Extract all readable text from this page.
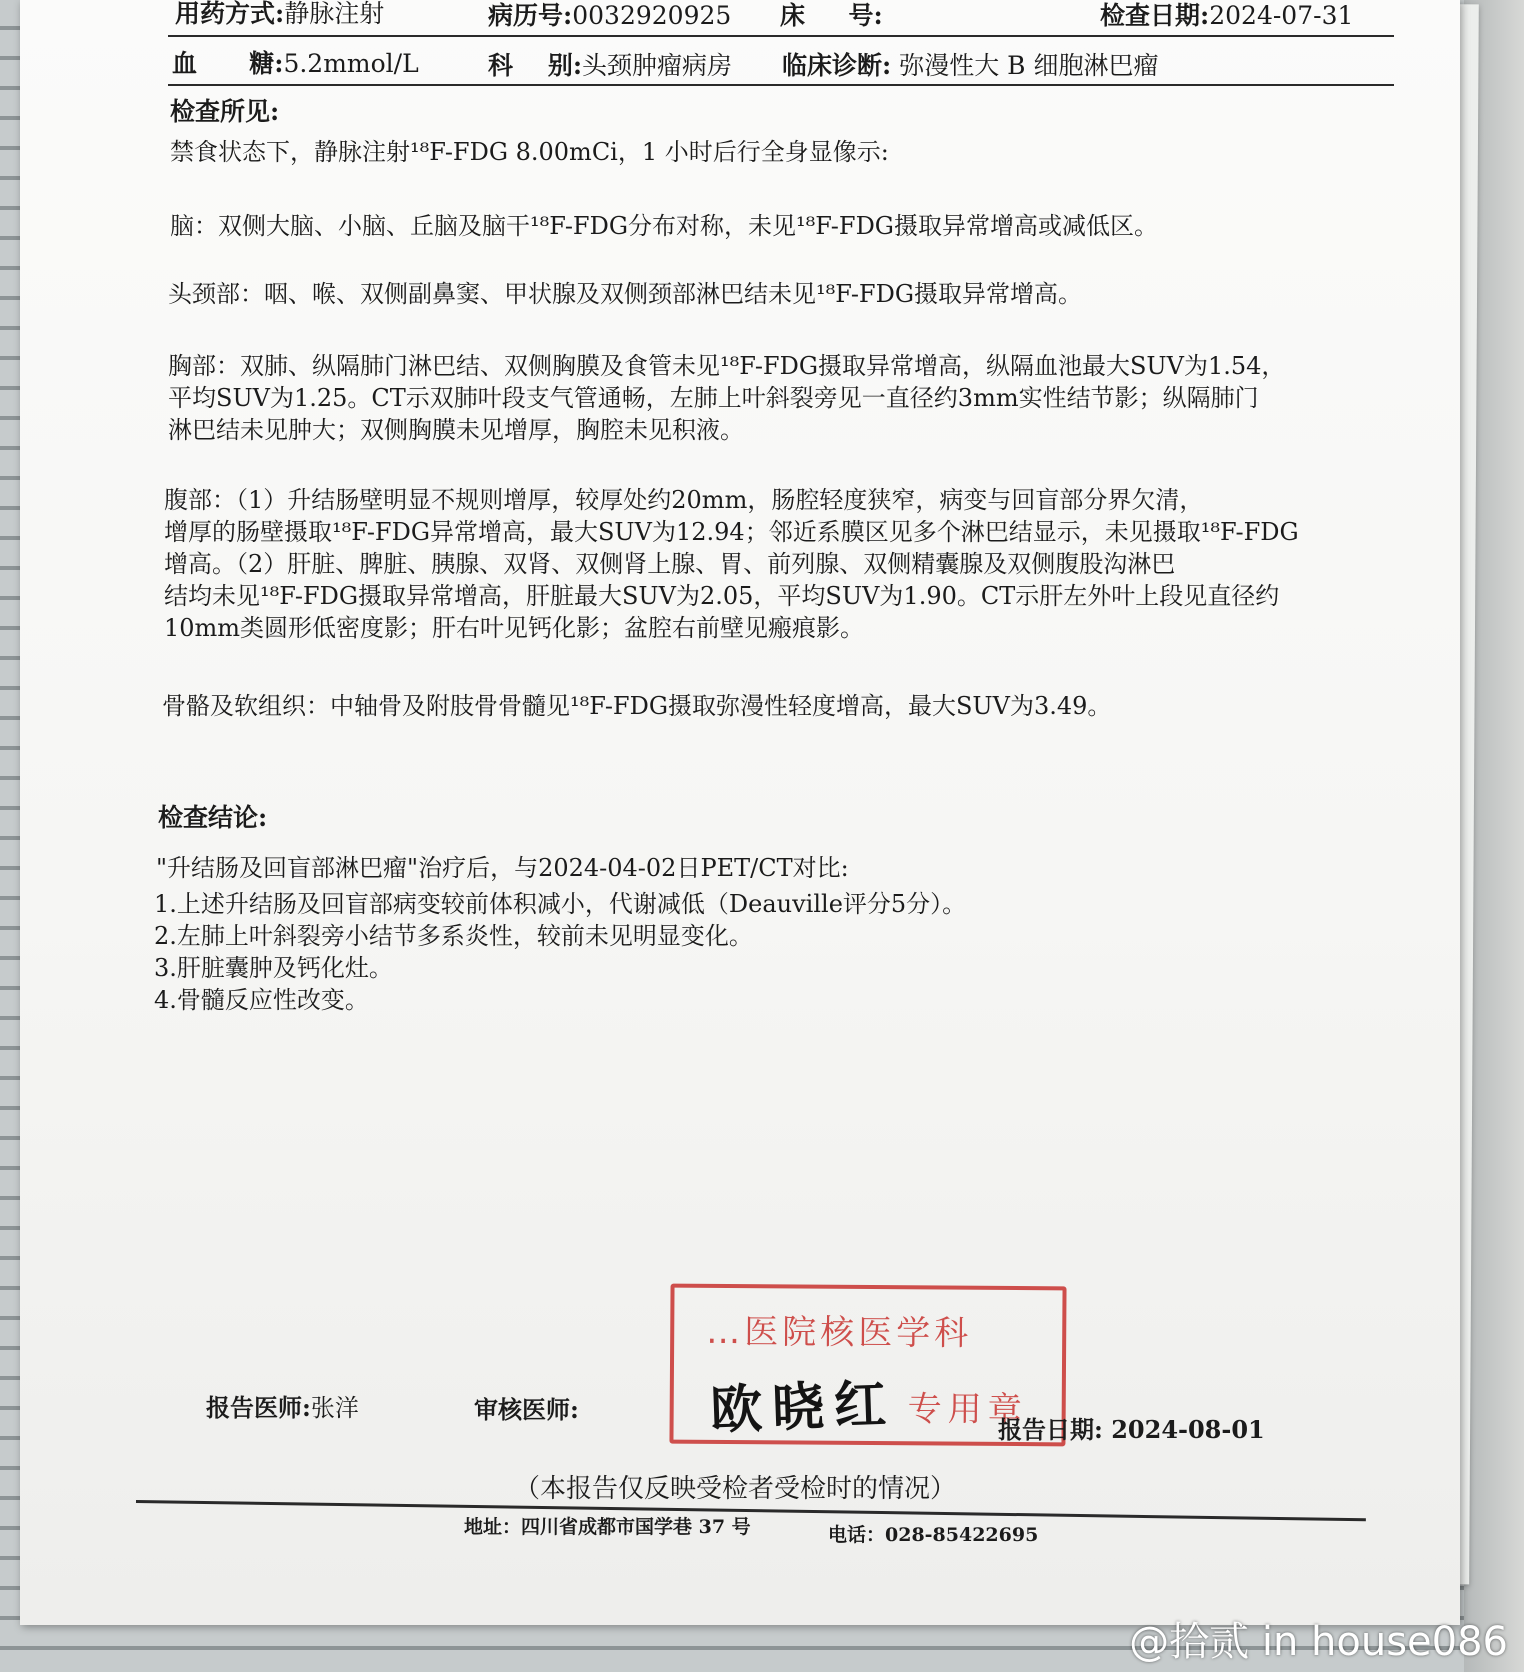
用药方式:静脉注射	病历号:0032920925 床     号:	检查日期:2024-07-31
血      糖:5.2mmol/L	科    别:头颈肿瘤病房 临床诊断: 弥漫性大 B 细胞淋巴瘤
检查所见:
禁食状态下，静脉注射¹⁸F-FDG 8.00mCi，1 小时后行全身显像示:
脑：双侧大脑、小脑、丘脑及脑干¹⁸F-FDG分布对称，未见¹⁸F-FDG摄取异常增高或减低区。
头颈部：咽、喉、双侧副鼻窦、甲状腺及双侧颈部淋巴结未见¹⁸F-FDG摄取异常增高。
胸部：双肺、纵隔肺门淋巴结、双侧胸膜及食管未见¹⁸F-FDG摄取异常增高，纵隔血池最大SUV为1.54，
平均SUV为1.25。CT示双肺叶段支气管通畅，左肺上叶斜裂旁见一直径约3mm实性结节影；纵隔肺门
淋巴结未见肿大；双侧胸膜未见增厚，胸腔未见积液。
腹部：（1）升结肠壁明显不规则增厚，较厚处约20mm，肠腔轻度狭窄，病变与回盲部分界欠清，
增厚的肠壁摄取¹⁸F-FDG异常增高，最大SUV为12.94；邻近系膜区见多个淋巴结显示，未见摄取¹⁸F-FDG
增高。（2）肝脏、脾脏、胰腺、双肾、双侧肾上腺、胃、前列腺、双侧精囊腺及双侧腹股沟淋巴
结均未见¹⁸F-FDG摄取异常增高，肝脏最大SUV为2.05，平均SUV为1.90。CT示肝左外叶上段见直径约
10mm类圆形低密度影；肝右叶见钙化影；盆腔右前壁见瘢痕影。
骨骼及软组织：中轴骨及附肢骨骨髓见¹⁸F-FDG摄取弥漫性轻度增高，最大SUV为3.49。
检查结论:
"升结肠及回盲部淋巴瘤"治疗后，与2024-04-02日PET/CT对比:
1.上述升结肠及回盲部病变较前体积减小，代谢减低（Deauville评分5分）。
2.左肺上叶斜裂旁小结节多系炎性，较前未见明显变化。
3.肝脏囊肿及钙化灶。
4.骨髓反应性改变。
…医院核医学科
专用章
报告医师:张洋	审核医师:	欧晓红	报告日期: 2024-08-01
（本报告仅反映受检者受检时的情况）
地址：四川省成都市国学巷 37 号	电话：028-85422695
@拾贰 in house086
